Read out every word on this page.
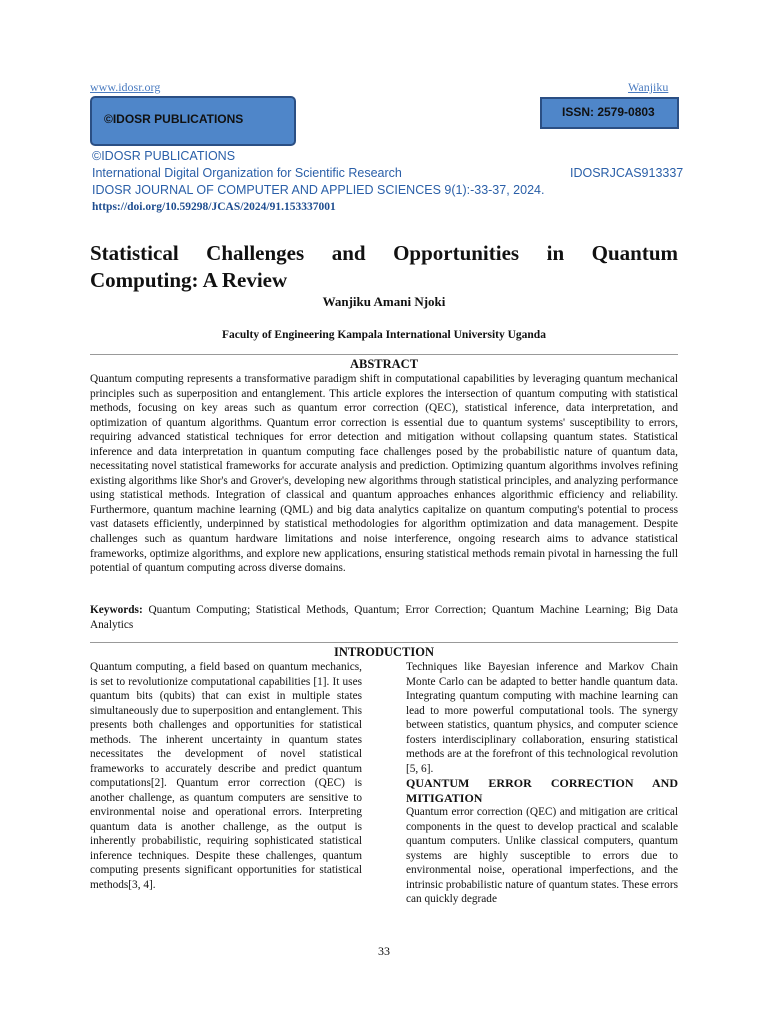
www.idosr.org	Wanjiku
©IDOSR PUBLICATIONS	ISSN: 2579-0803
©IDOSR PUBLICATIONS
International Digital Organization for Scientific Research	IDOSRJCAS913337
IDOSR JOURNAL OF COMPUTER AND APPLIED SCIENCES 9(1):-33-37, 2024.
https://doi.org/10.59298/JCAS/2024/91.153337001
Statistical Challenges and Opportunities in Quantum Computing: A Review
Wanjiku Amani Njoki
Faculty of Engineering Kampala International University Uganda
ABSTRACT

Quantum computing represents a transformative paradigm shift in computational capabilities by leveraging quantum mechanical principles such as superposition and entanglement. This article explores the intersection of quantum computing with statistical methods, focusing on key areas such as quantum error correction (QEC), statistical inference, data interpretation, and optimization of quantum algorithms. Quantum error correction is essential due to quantum systems' susceptibility to errors, requiring advanced statistical techniques for error detection and mitigation without collapsing quantum states. Statistical inference and data interpretation in quantum computing face challenges posed by the probabilistic nature of quantum data, necessitating novel statistical frameworks for accurate analysis and prediction. Optimizing quantum algorithms involves refining existing algorithms like Shor's and Grover's, developing new algorithms through statistical principles, and analyzing performance using statistical methods. Integration of classical and quantum approaches enhances algorithmic efficiency and reliability. Furthermore, quantum machine learning (QML) and big data analytics capitalize on quantum computing's potential to process vast datasets efficiently, underpinned by statistical methodologies for algorithm optimization and data management. Despite challenges such as quantum hardware limitations and noise interference, ongoing research aims to advance statistical frameworks, optimize algorithms, and explore new applications, ensuring statistical methods remain pivotal in harnessing the full potential of quantum computing across diverse domains.

Keywords: Quantum Computing; Statistical Methods, Quantum; Error Correction; Quantum Machine Learning; Big Data Analytics

INTRODUCTION

Quantum computing, a field based on quantum mechanics, is set to revolutionize computational capabilities [1]. It uses quantum bits (qubits) that can exist in multiple states simultaneously due to superposition and entanglement. This presents both challenges and opportunities for statistical methods. The inherent uncertainty in quantum states necessitates the development of novel statistical frameworks to accurately describe and predict quantum computations[2]. Quantum error correction (QEC) is another challenge, as quantum computers are sensitive to environmental noise and operational errors. Interpreting quantum data is another challenge, as the output is inherently probabilistic, requiring sophisticated statistical inference techniques. Despite these challenges, quantum computing presents significant opportunities for statistical methods[3, 4].

Techniques like Bayesian inference and Markov Chain Monte Carlo can be adapted to better handle quantum data. Integrating quantum computing with machine learning can lead to more powerful computational tools. The synergy between statistics, quantum physics, and computer science fosters interdisciplinary collaboration, ensuring statistical methods are at the forefront of this technological revolution [5, 6].

QUANTUM ERROR CORRECTION AND MITIGATION

Quantum error correction (QEC) and mitigation are critical components in the quest to develop practical and scalable quantum computers. Unlike classical computers, quantum systems are highly susceptible to errors due to environmental noise, operational imperfections, and the intrinsic probabilistic nature of quantum states. These errors can quickly degrade

33
